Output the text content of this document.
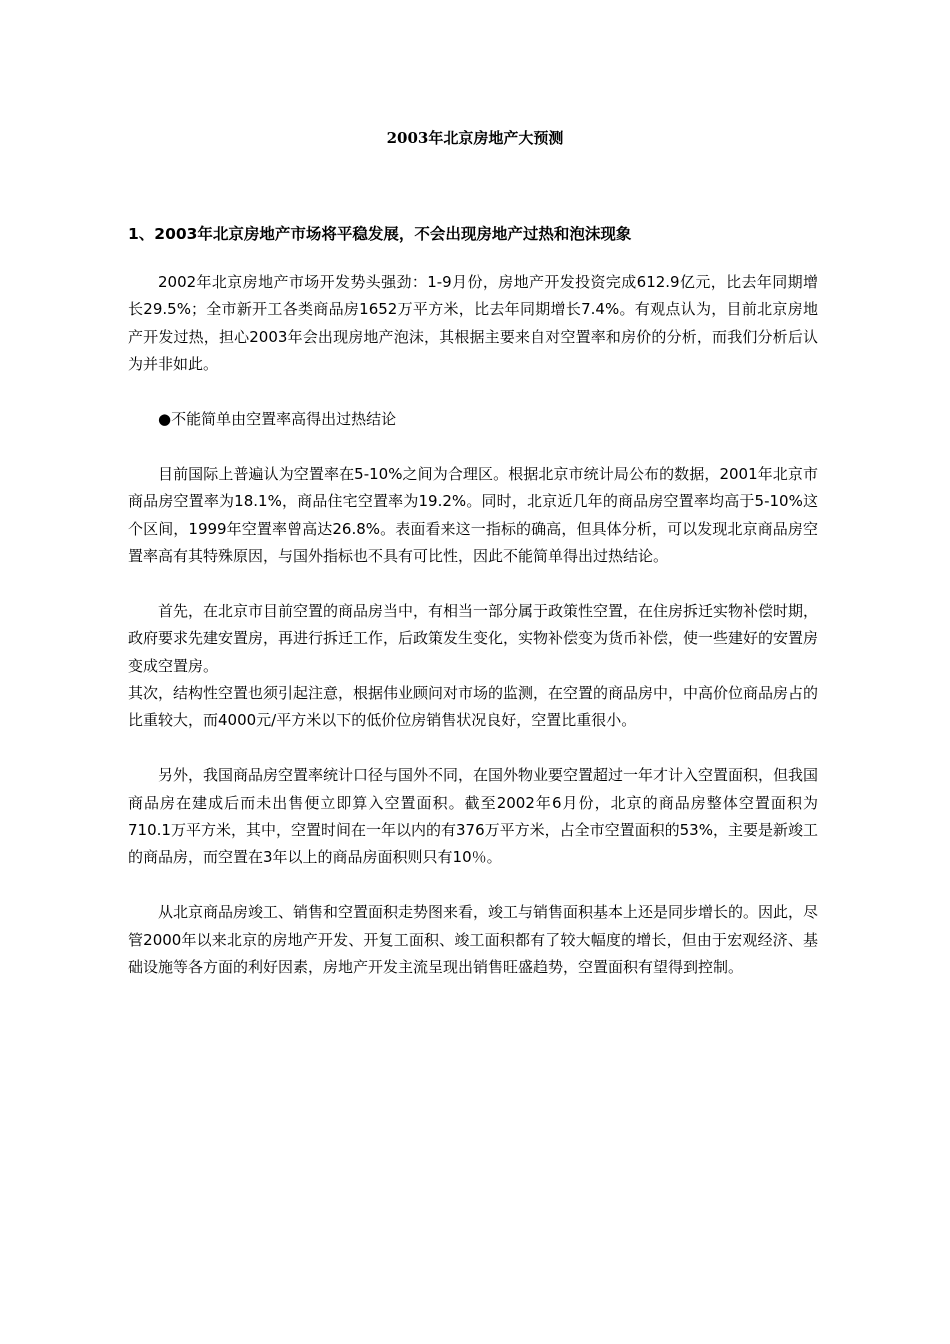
2003年北京房地产大预测
1、2003年北京房地产市场将平稳发展，不会出现房地产过热和泡沫现象

2002年北京房地产市场开发势头强劲：1-9月份，房地产开发投资完成612.9亿元，比去年同期增长29.5%；全市新开工各类商品房1652万平方米，比去年同期增长7.4%。有观点认为，目前北京房地产开发过热，担心2003年会出现房地产泡沫，其根据主要来自对空置率和房价的分析，而我们分析后认为并非如此。

●不能简单由空置率高得出过热结论

目前国际上普遍认为空置率在5-10%之间为合理区。根据北京市统计局公布的数据，2001年北京市商品房空置率为18.1%，商品住宅空置率为19.2%。同时，北京近几年的商品房空置率均高于5-10%这个区间，1999年空置率曾高达26.8%。表面看来这一指标的确高，但具体分析，可以发现北京商品房空置率高有其特殊原因，与国外指标也不具有可比性，因此不能简单得出过热结论。

首先，在北京市目前空置的商品房当中，有相当一部分属于政策性空置，在住房拆迁实物补偿时期，政府要求先建安置房，再进行拆迁工作，后政策发生变化，实物补偿变为货币补偿，使一些建好的安置房变成空置房。

其次，结构性空置也须引起注意，根据伟业顾问对市场的监测，在空置的商品房中，中高价位商品房占的比重较大，而4000元/平方米以下的低价位房销售状况良好，空置比重很小。

另外，我国商品房空置率统计口径与国外不同，在国外物业要空置超过一年才计入空置面积，但我国商品房在建成后而未出售便立即算入空置面积。截至2002年6月份，北京的商品房整体空置面积为710.1万平方米，其中，空置时间在一年以内的有376万平方米，占全市空置面积的53%，主要是新竣工的商品房，而空置在3年以上的商品房面积则只有10％。

从北京商品房竣工、销售和空置面积走势图来看，竣工与销售面积基本上还是同步增长的。因此，尽管2000年以来北京的房地产开发、开复工面积、竣工面积都有了较大幅度的增长，但由于宏观经济、基础设施等各方面的利好因素，房地产开发主流呈现出销售旺盛趋势，空置面积有望得到控制。
